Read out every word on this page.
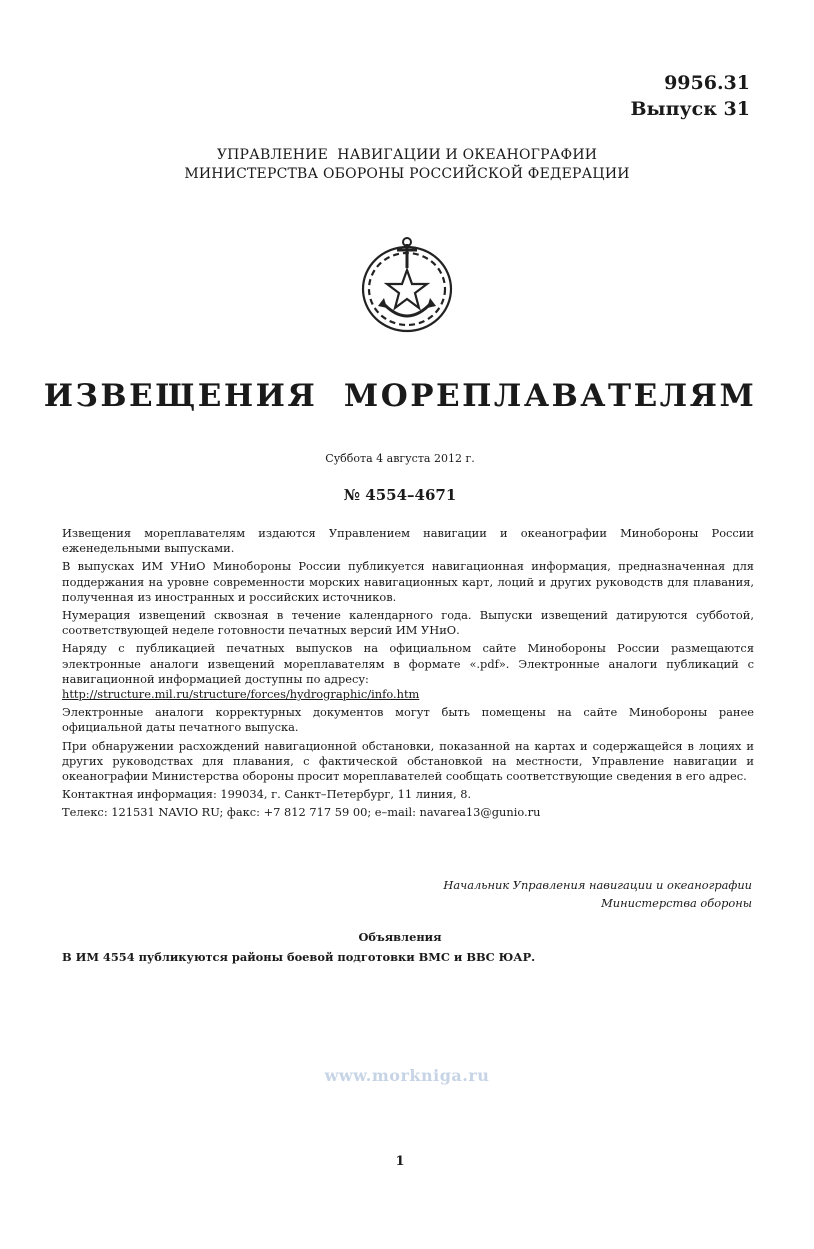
9956.31
Выпуск 31
УПРАВЛЕНИЕ  НАВИГАЦИИ И ОКЕАНОГРАФИИ
МИНИСТЕРСТВА ОБОРОНЫ РОССИЙСКОЙ ФЕДЕРАЦИИ
ИЗВЕЩЕНИЯ  МОРЕПЛАВАТЕЛЯМ
Суббота 4 августа 2012 г.
№ 4554–4671

Извещения мореплавателям издаются Управлением навигации и океанографии Минобороны России еженедельными выпусками.

В выпусках ИМ УНиО Минобороны России публикуется навигационная информация, предназначенная для поддержания на уровне современности морских навигационных карт, лоций и других руководств для плавания, полученная из иностранных и российских источников.

Нумерация извещений сквозная в течение календарного года. Выпуски извещений датируются субботой, соответствующей неделе готовности печатных версий ИМ УНиО.

Наряду с публикацией печатных выпусков на официальном сайте Минобороны России размещаются электронные аналоги извещений мореплавателям в формате «.pdf». Электронные аналоги публикаций с навигационной информацией доступны по адресу:

http://structure.mil.ru/structure/forces/hydrographic/info.htm

Электронные аналоги корректурных документов могут быть помещены на сайте Минобороны ранее официальной даты печатного выпуска.

При обнаружении расхождений навигационной обстановки, показанной на картах и содержащейся в лоциях и других руководствах для плавания, с фактической обстановкой на местности, Управление навигации и океанографии Министерства обороны просит мореплавателей сообщать соответствующие сведения в его адрес.

Контактная информация: 199034, г. Санкт–Петербург, 11 линия, 8.

Телекс: 121531 NAVIO RU; факс: +7 812 717 59 00; e–mail: navarea13@gunio.ru

Начальник Управления навигации и океанографии
Министерства обороны
Объявления
В ИМ 4554 публикуются районы боевой подготовки ВМС и ВВС ЮАР.
www.morkniga.ru
1
